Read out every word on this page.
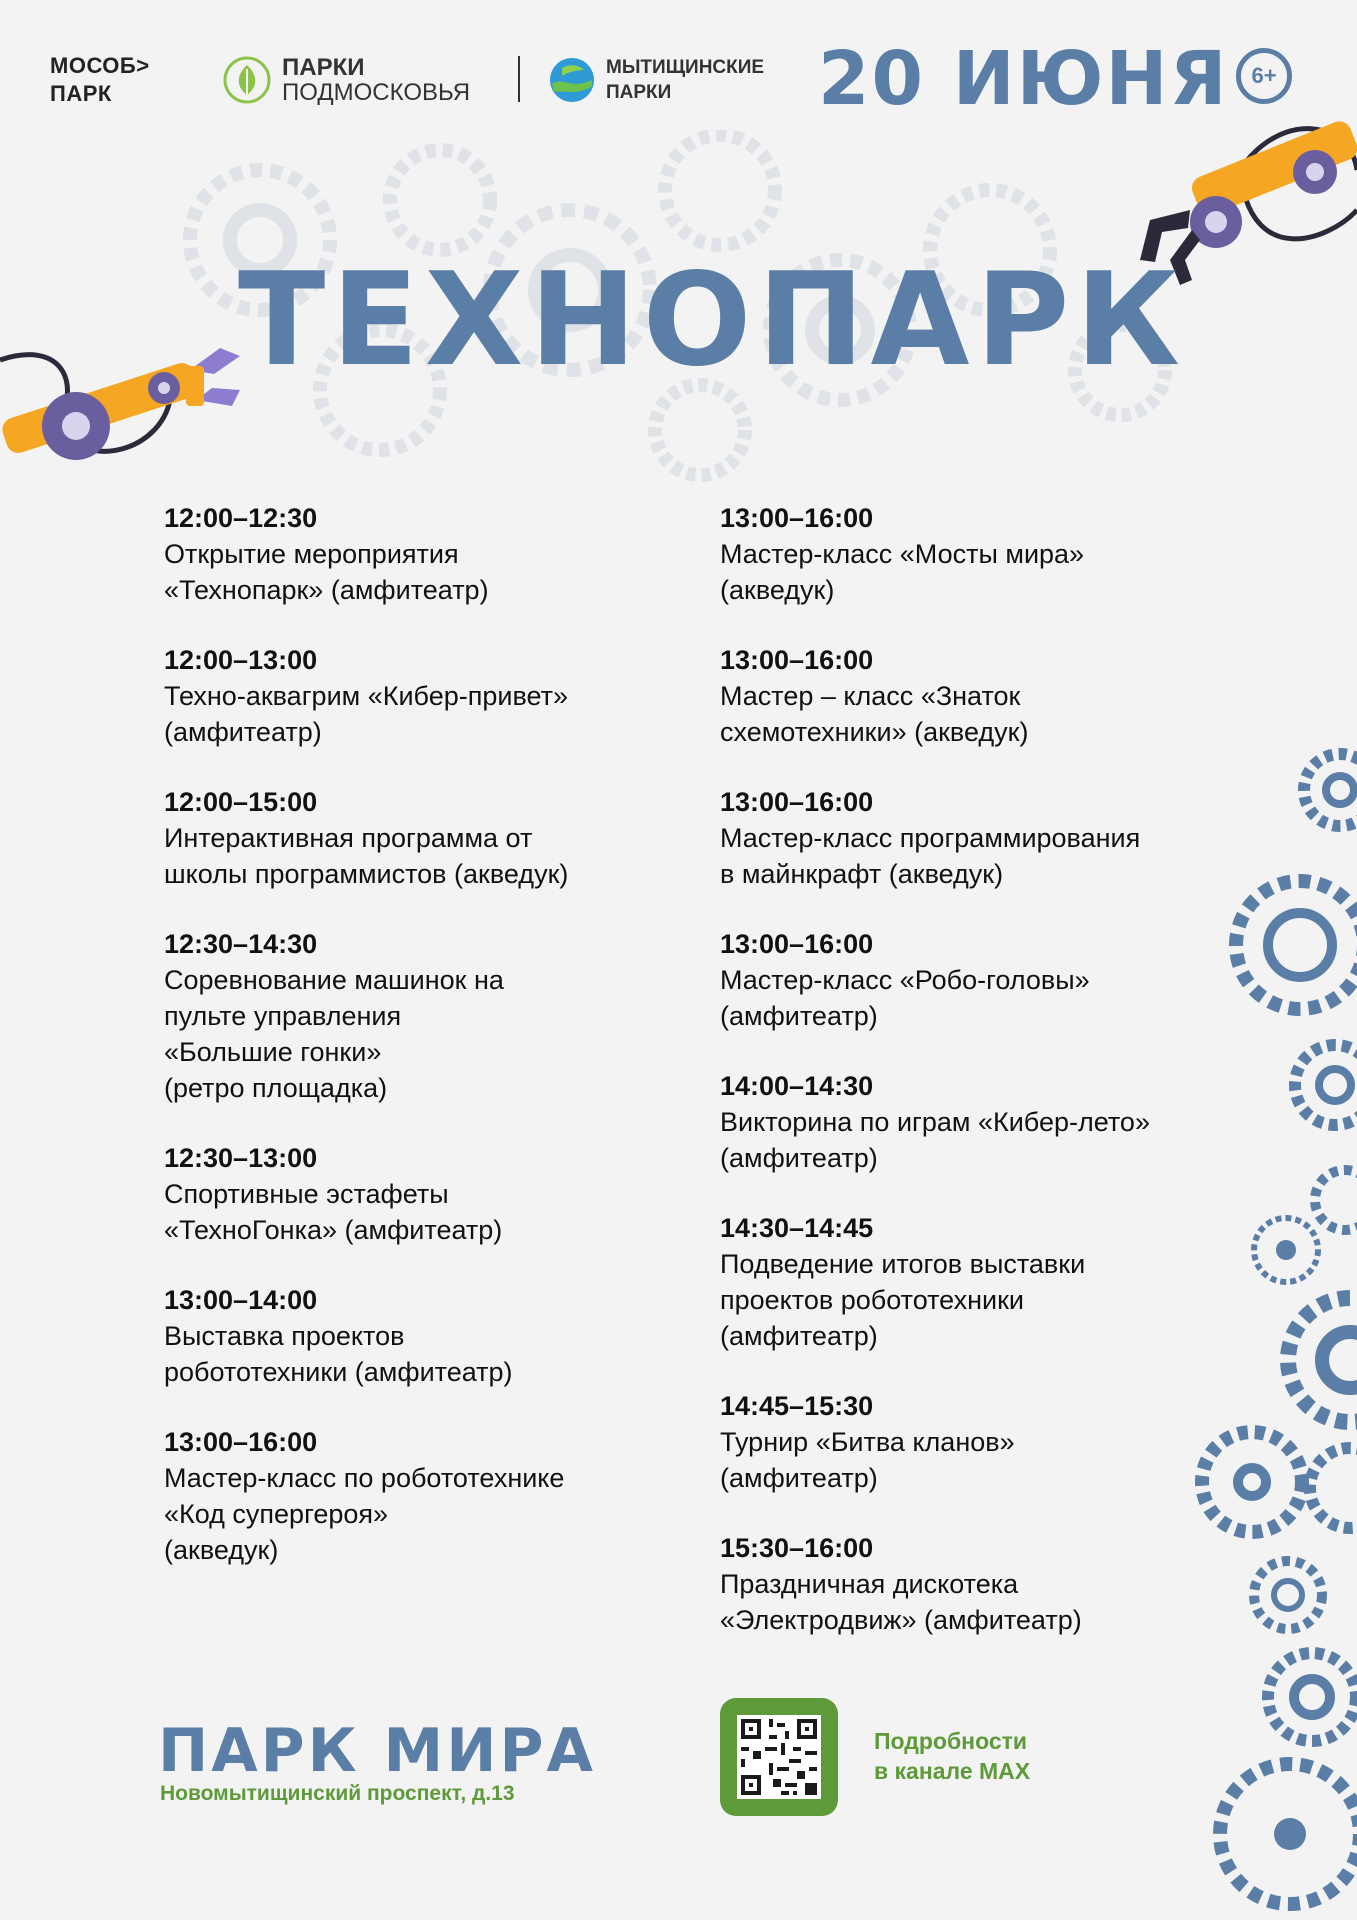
МОСОБ>
ПАРК
ПАРКИ
ПОДМОСКОВЬЯ
МЫТИЩИНСКИЕ
ПАРКИ	20 ИЮНЯ	6+
ТЕХНОПАРК
12:00–12:30
Открытие мероприятия
«Технопарк» (амфитеатр)
12:00–13:00
Техно-аквагрим «Кибер-привет»
(амфитеатр)
12:00–15:00
Интерактивная программа от
школы программистов (акведук)
12:30–14:30
Соревнование машинок на
пульте управления
«Большие гонки»
(ретро площадка)
12:30–13:00
Спортивные эстафеты
«ТехноГонка» (амфитеатр)
13:00–14:00
Выставка проектов
робототехники (амфитеатр)
13:00–16:00
Мастер-класс по робототехнике
«Код супергероя»
(акведук)
13:00–16:00
Мастер-класс «Мосты мира»
(акведук)
13:00–16:00
Мастер – класс «Знаток
схемотехники» (акведук)
13:00–16:00
Мастер-класс программирования
в майнкрафт (акведук)
13:00–16:00
Мастер-класс «Робо-головы»
(амфитеатр)
14:00–14:30
Викторина по играм «Кибер-лето»
(амфитеатр)
14:30–14:45
Подведение итогов выставки
проектов робототехники
(амфитеатр)
14:45–15:30
Турнир «Битва кланов»
(амфитеатр)
15:30–16:00
Праздничная дискотека
«Электродвиж» (амфитеатр)
ПАРК МИРА
Новомытищинский проспект, д.13
Подробности
в канале MAX
